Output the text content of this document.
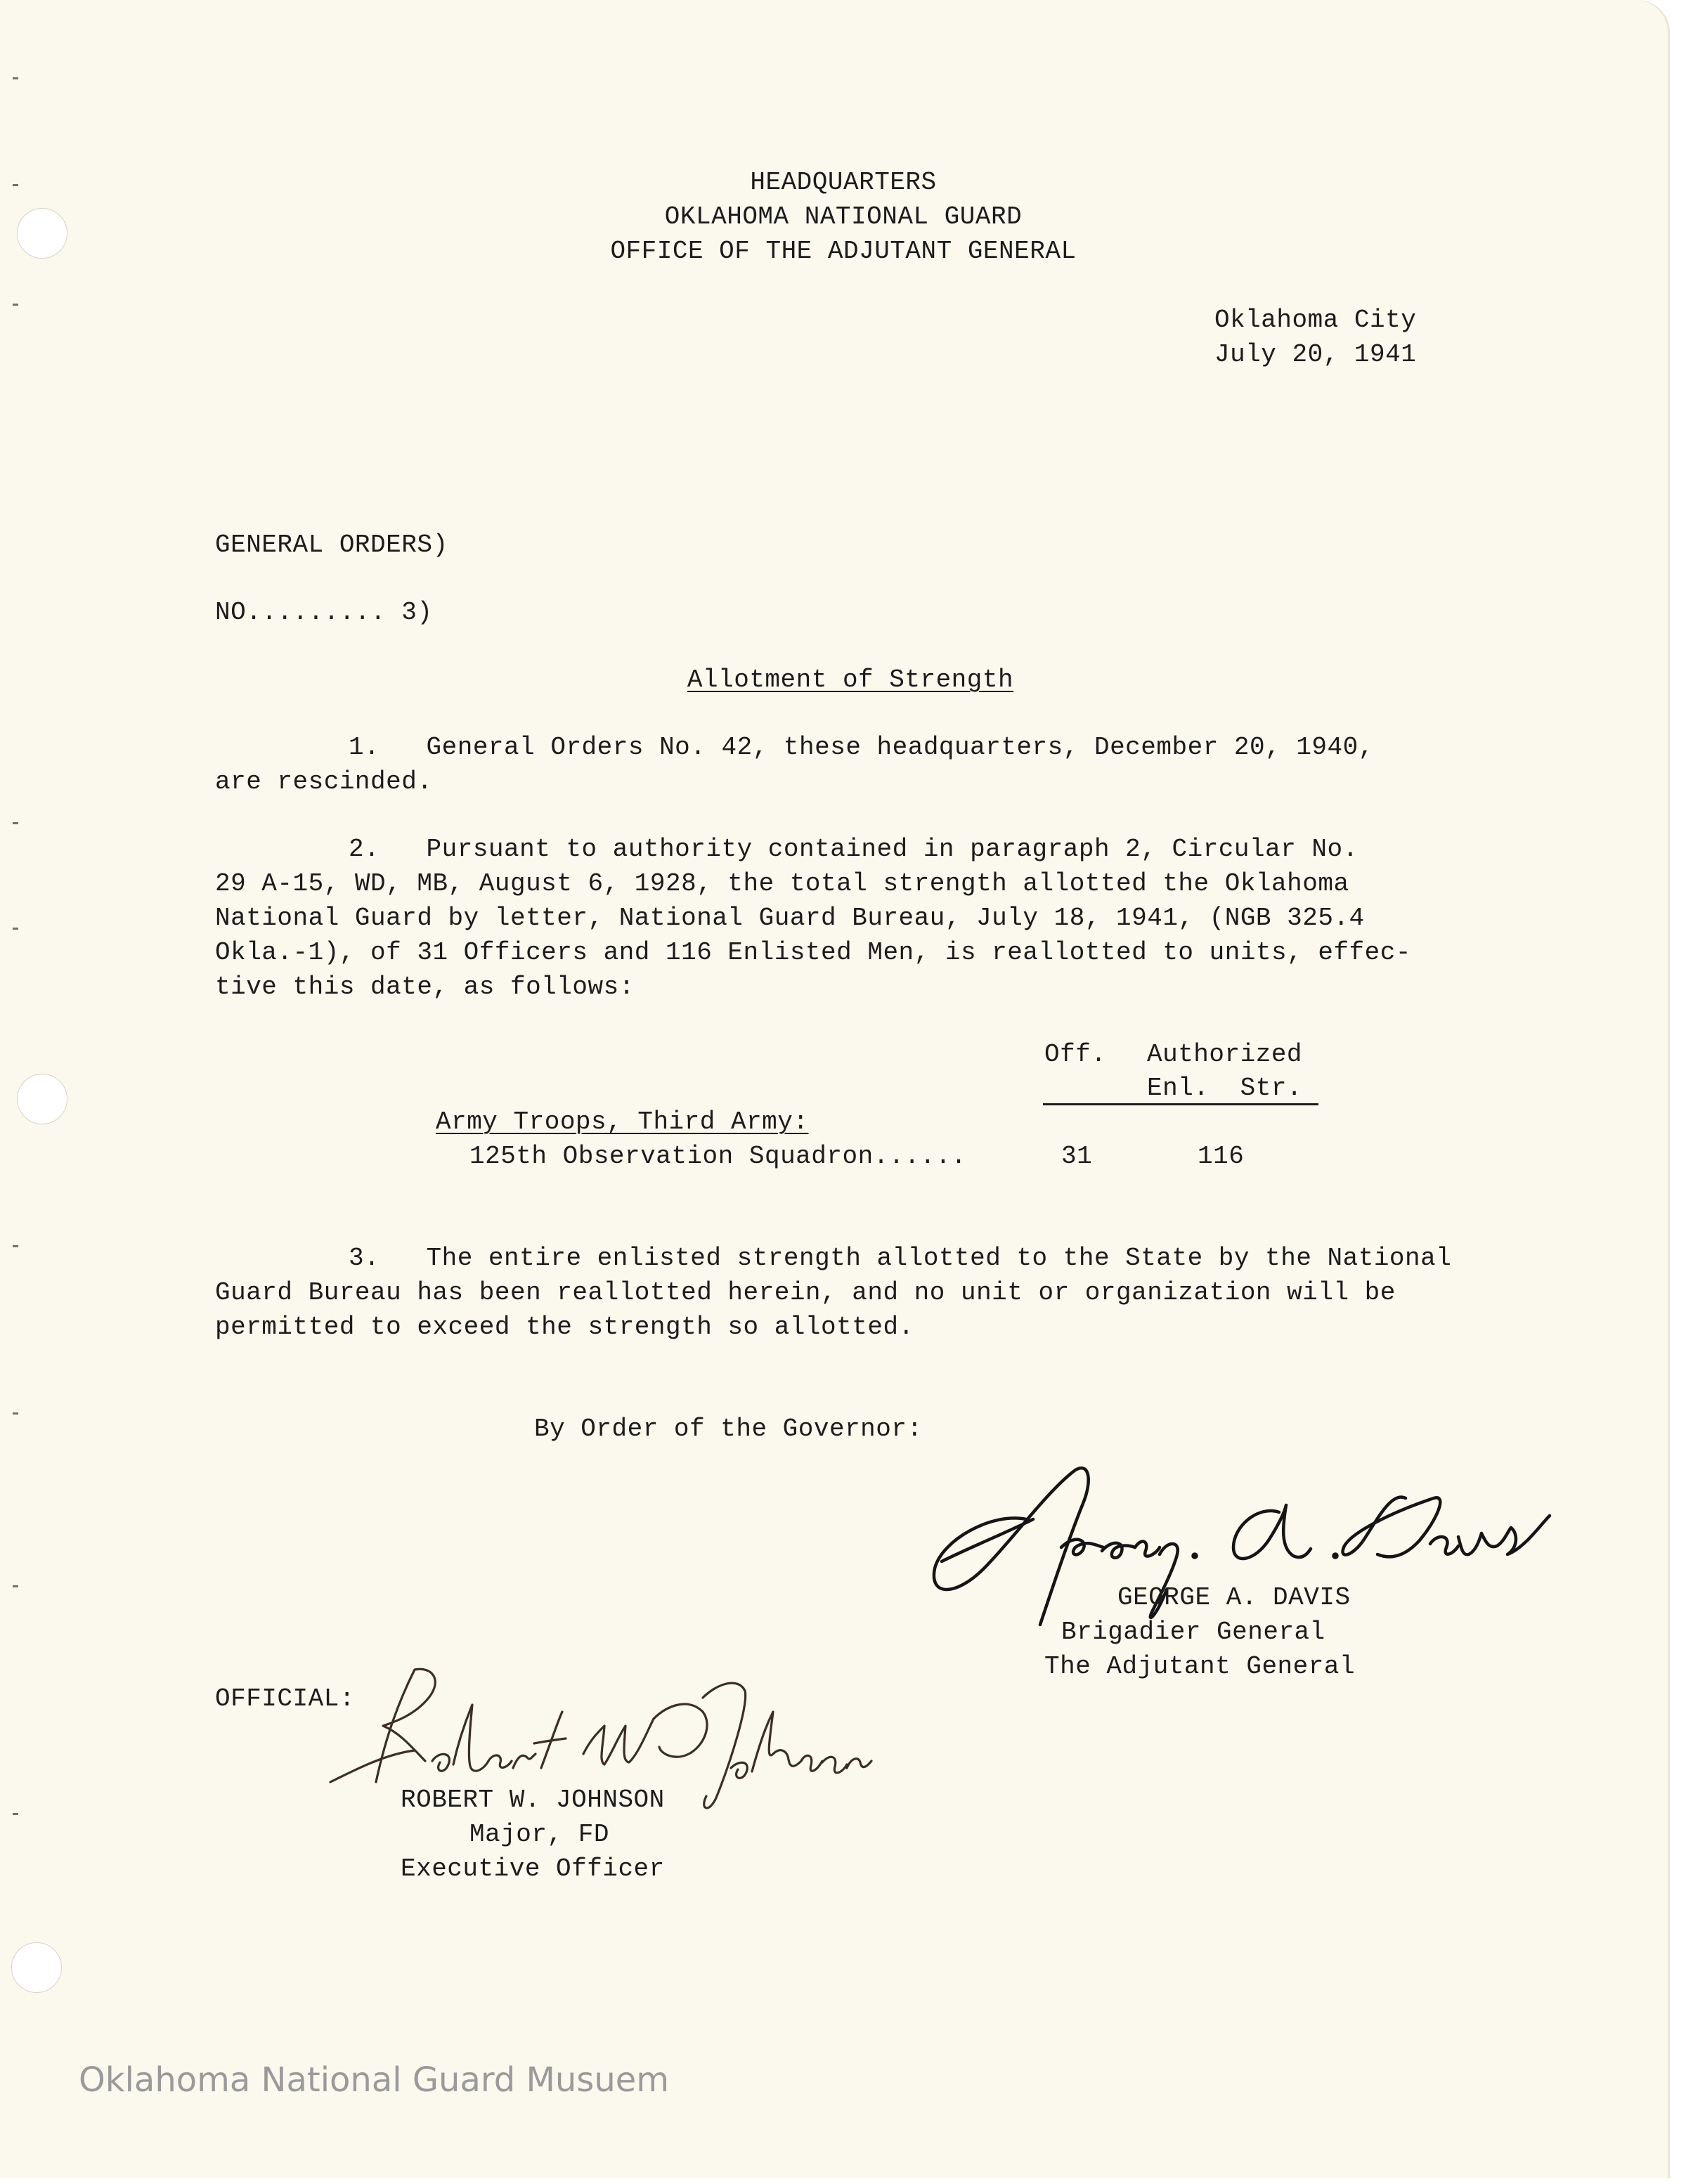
HEADQUARTERS
OKLAHOMA NATIONAL GUARD
OFFICE OF THE ADJUTANT GENERAL
Oklahoma City
July 20, 1941
GENERAL ORDERS)
NO......... 3)
Allotment of Strength
1.   General Orders No. 42, these headquarters, December 20, 1940,
are rescinded.
2.   Pursuant to authority contained in paragraph 2, Circular No.
29 A-15, WD, MB, August 6, 1928, the total strength allotted the Oklahoma
National Guard by letter, National Guard Bureau, July 18, 1941, (NGB 325.4
Okla.-1), of 31 Officers and 116 Enlisted Men, is reallotted to units, effec-
tive this date, as follows:
Off. Authorized
Enl.  Str.
Army Troops, Third Army:
125th Observation Squadron......	31	116
3.   The entire enlisted strength allotted to the State by the National
Guard Bureau has been reallotted herein, and no unit or organization will be
permitted to exceed the strength so allotted.
By Order of the Governor:
GEORGE A. DAVIS
Brigadier General
The Adjutant General
OFFICIAL:
ROBERT W. JOHNSON
Major, FD
Executive Officer
Oklahoma National Guard Musuem
